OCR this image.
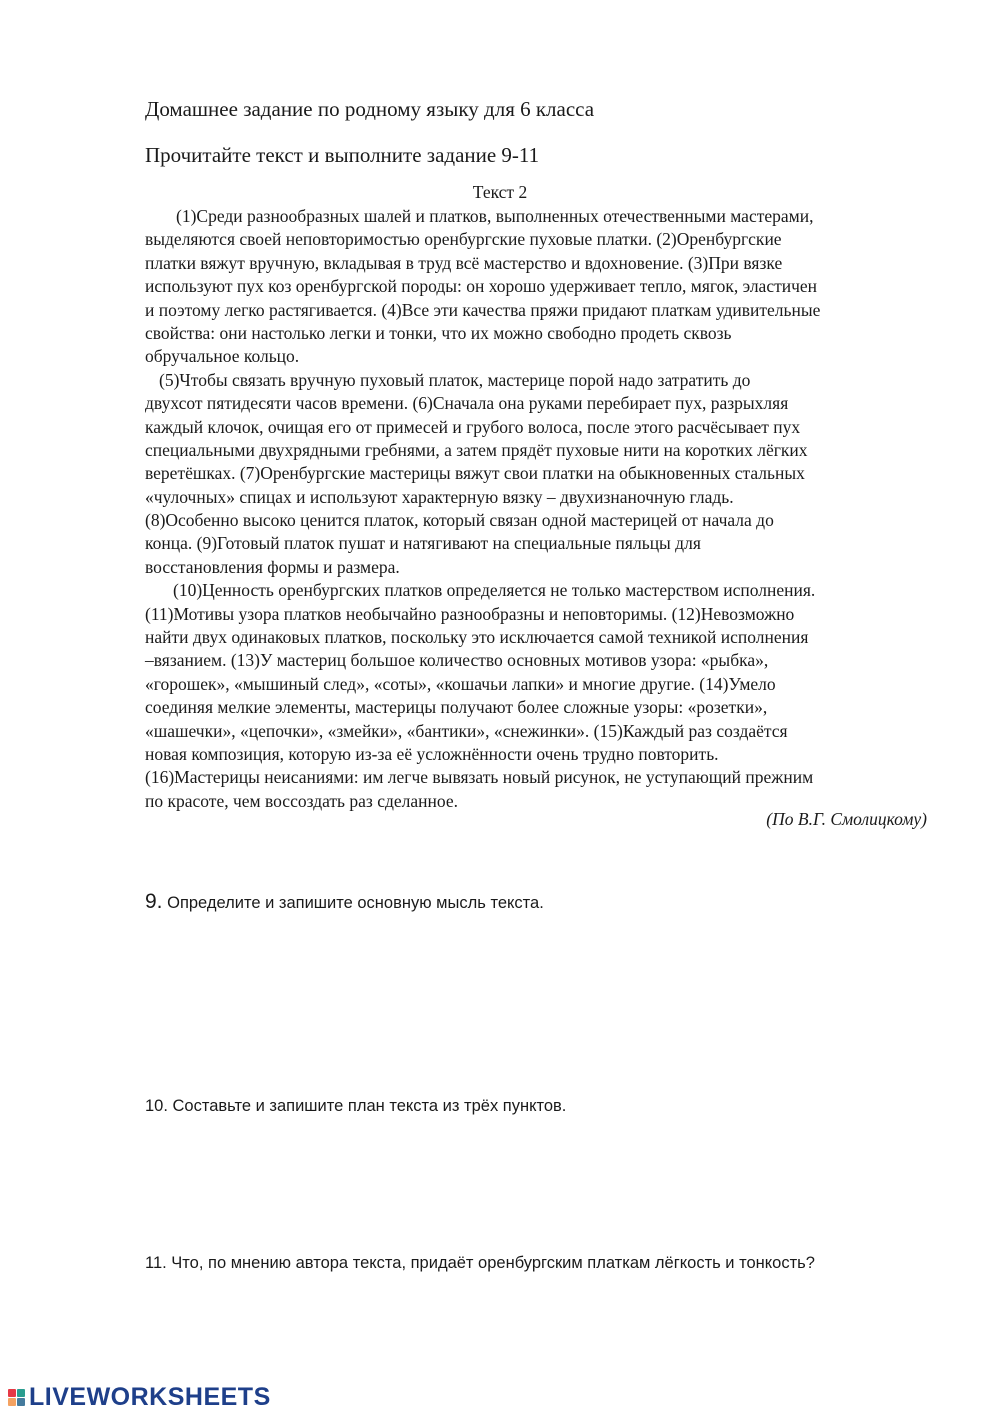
Домашнее задание по родному языку для 6 класса
Прочитайте текст и выполните задание 9-11
Текст 2
(1)Среди разнообразных шалей и платков, выполненных отечественными мастерами,
выделяются своей неповторимостью оренбургские пуховые платки. (2)Оренбургские
платки вяжут вручную, вкладывая в труд всё мастерство и вдохновение. (3)При вязке
используют пух коз оренбургской породы: он хорошо удерживает тепло, мягок, эластичен
и поэтому легко растягивается. (4)Все эти качества пряжи придают платкам удивительные
свойства: они настолько легки и тонки, что их можно свободно продеть сквозь
обручальное кольцо.
(5)Чтобы связать вручную пуховый платок, мастерице порой надо затратить до
двухсот пятидесяти часов времени. (6)Сначала она руками перебирает пух, разрыхляя
каждый клочок, очищая его от примесей и грубого волоса, после этого расчёсывает пух
специальными двухрядными гребнями, а затем прядёт пуховые нити на коротких лёгких
веретёшках. (7)Оренбургские мастерицы вяжут свои платки на обыкновенных стальных
«чулочных» спицах и используют характерную вязку – двухизнаночную гладь.
(8)Особенно высоко ценится платок, который связан одной мастерицей от начала до
конца. (9)Готовый платок пушат и натягивают на специальные пяльцы для
восстановления формы и размера.
(10)Ценность оренбургских платков определяется не только мастерством исполнения.
(11)Мотивы узора платков необычайно разнообразны и неповторимы. (12)Невозможно
найти двух одинаковых платков, поскольку это исключается самой техникой исполнения
–вязанием. (13)У мастериц большое количество основных мотивов узора: «рыбка»,
«горошек», «мышиный след», «соты», «кошачьи лапки» и многие другие. (14)Умело
соединяя мелкие элементы, мастерицы получают более сложные узоры: «розетки»,
«шашечки», «цепочки», «змейки», «бантики», «снежинки». (15)Каждый раз создаётся
новая композиция, которую из-за её усложнённости очень трудно повторить.
(16)Мастерицы неисаниями: им легче вывязать новый рисунок, не уступающий прежним
по красоте, чем воссоздать раз сделанное.
(По В.Г. Смолицкому)
9. Определите и запишите основную мысль текста.
10. Составьте и запишите план текста из трёх пунктов.
11. Что, по мнению автора текста, придаёт оренбургским платкам лёгкость и тонкость?
LIVEWORKSHEETS
